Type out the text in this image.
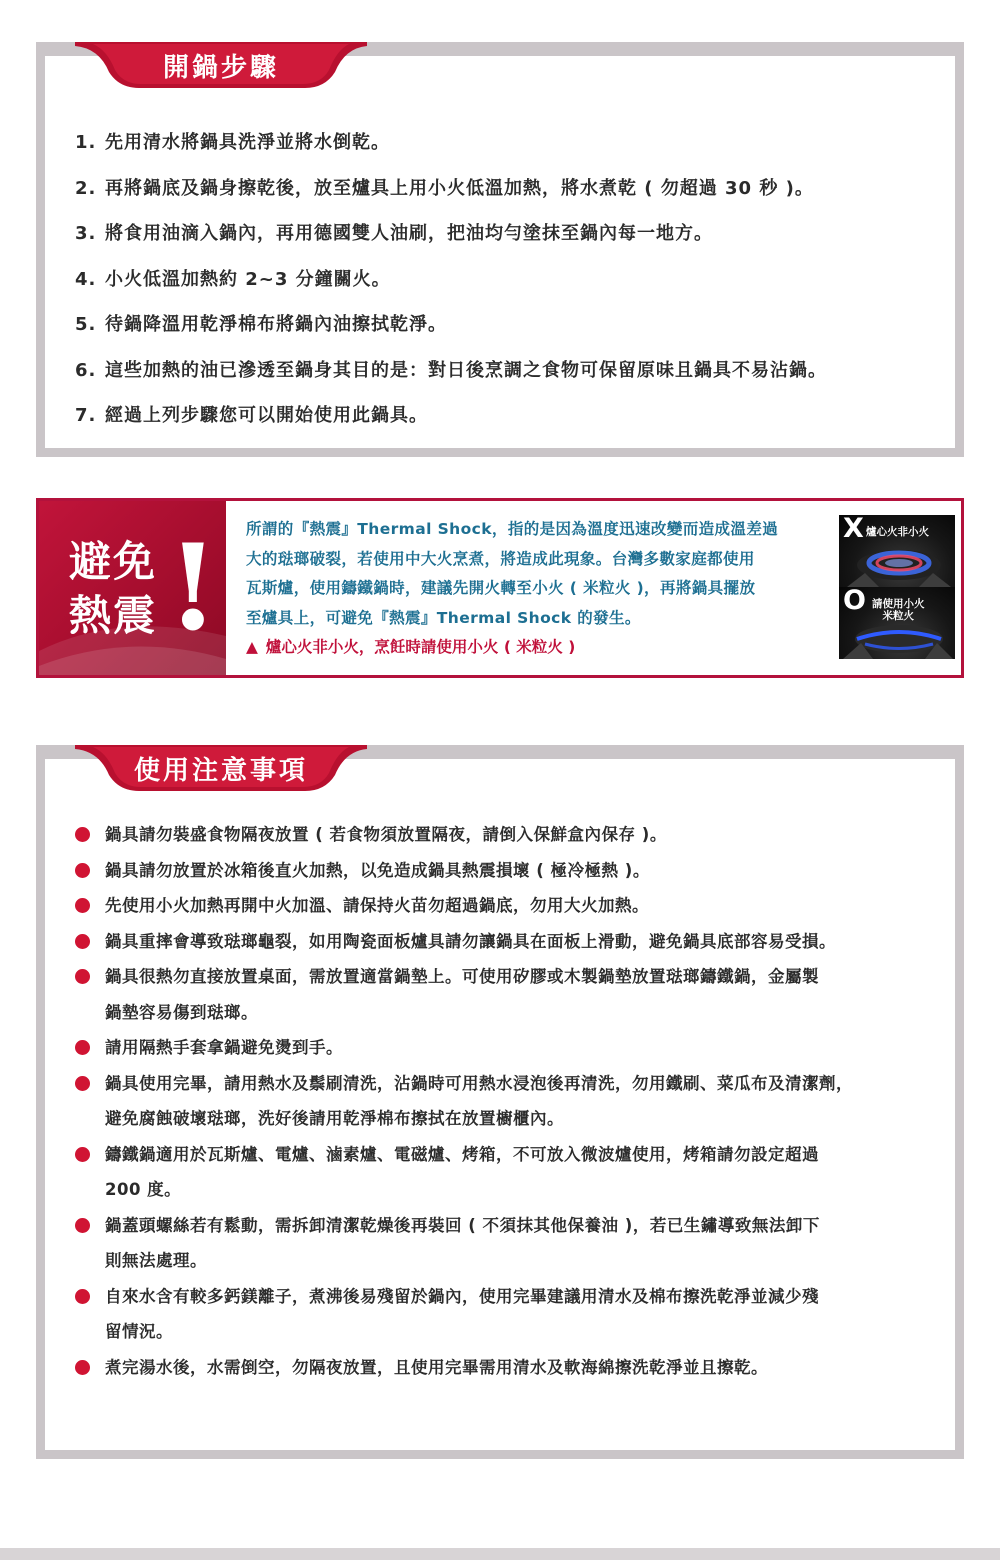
開鍋步驟
1. 先用清水將鍋具洗淨並將水倒乾。
2. 再將鍋底及鍋身擦乾後，放至爐具上用小火低溫加熱，將水煮乾 ( 勿超過 30 秒 )。
3. 將食用油滴入鍋內，再用德國雙人油刷，把油均勻塗抹至鍋內每一地方。
4. 小火低溫加熱約 2~3 分鐘關火。
5. 待鍋降溫用乾淨棉布將鍋內油擦拭乾淨。
6. 這些加熱的油已滲透至鍋身其目的是：對日後烹調之食物可保留原味且鍋具不易沾鍋。
7. 經過上列步驟您可以開始使用此鍋具。
避免
熱震 ! 所謂的『熱震』Thermal Shock，指的是因為溫度迅速改變而造成溫差過
大的琺瑯破裂，若使用中大火烹煮，將造成此現象。台灣多數家庭都使用
瓦斯爐，使用鑄鐵鍋時，建議先開火轉至小火 ( 米粒火 )，再將鍋具擺放
至爐具上，可避免『熱震』Thermal Shock 的發生。
▲ 爐心火非小火，烹飪時請使用小火 ( 米粒火 )
X 爐心火非小火
O 請使用小火
米粒火
使用注意事項
鍋具請勿裝盛食物隔夜放置 ( 若食物須放置隔夜，請倒入保鮮盒內保存 )。
鍋具請勿放置於冰箱後直火加熱，以免造成鍋具熱震損壞 ( 極冷極熱 )。
先使用小火加熱再開中火加溫、請保持火苗勿超過鍋底，勿用大火加熱。
鍋具重摔會導致琺瑯龜裂，如用陶瓷面板爐具請勿讓鍋具在面板上滑動，避免鍋具底部容易受損。
鍋具很熱勿直接放置桌面，需放置適當鍋墊上。可使用矽膠或木製鍋墊放置琺瑯鑄鐵鍋，金屬製
鍋墊容易傷到琺瑯。
請用隔熱手套拿鍋避免燙到手。
鍋具使用完畢，請用熱水及鬃刷清洗，沾鍋時可用熱水浸泡後再清洗，勿用鐵刷、菜瓜布及清潔劑，
避免腐蝕破壞琺瑯，洗好後請用乾淨棉布擦拭在放置櫥櫃內。
鑄鐵鍋適用於瓦斯爐、電爐、滷素爐、電磁爐、烤箱，不可放入微波爐使用，烤箱請勿設定超過
200 度。
鍋蓋頭螺絲若有鬆動，需拆卸清潔乾燥後再裝回 ( 不須抹其他保養油 )，若已生鏽導致無法卸下
則無法處理。
自來水含有較多鈣鎂離子，煮沸後易殘留於鍋內，使用完畢建議用清水及棉布擦洗乾淨並減少殘
留情況。
煮完湯水後，水需倒空，勿隔夜放置，且使用完畢需用清水及軟海綿擦洗乾淨並且擦乾。
